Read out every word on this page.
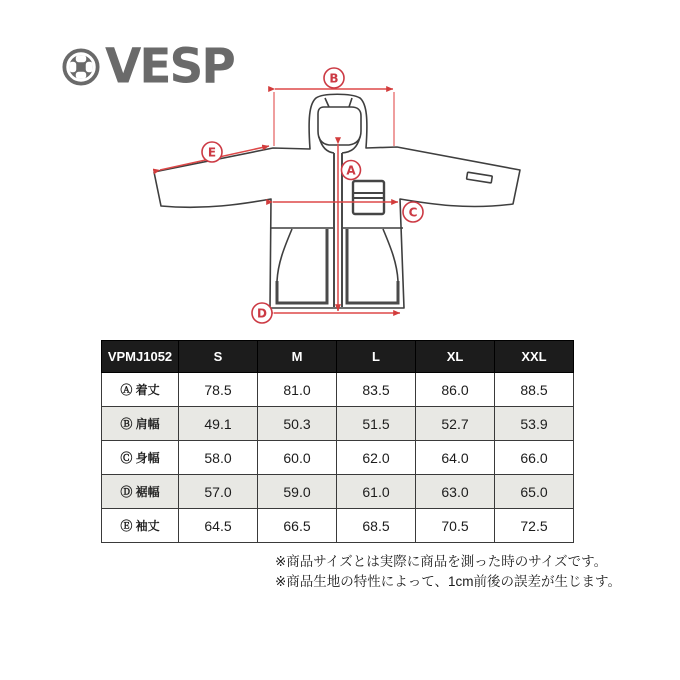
VESP	B
E
A
C
D
VPMJ1052	S	M	L	XL	XXL
Ⓐ 着丈	78.5	81.0	83.5	86.0	88.5
Ⓑ 肩幅	49.1	50.3	51.5	52.7	53.9
Ⓒ 身幅	58.0	60.0	62.0	64.0	66.0
Ⓓ 裾幅	57.0	59.0	61.0	63.0	65.0
Ⓔ 袖丈	64.5	66.5	68.5	70.5	72.5
※商品サイズとは実際に商品を測った時のサイズです。
※商品生地の特性によって、1cm前後の誤差が生じます。
